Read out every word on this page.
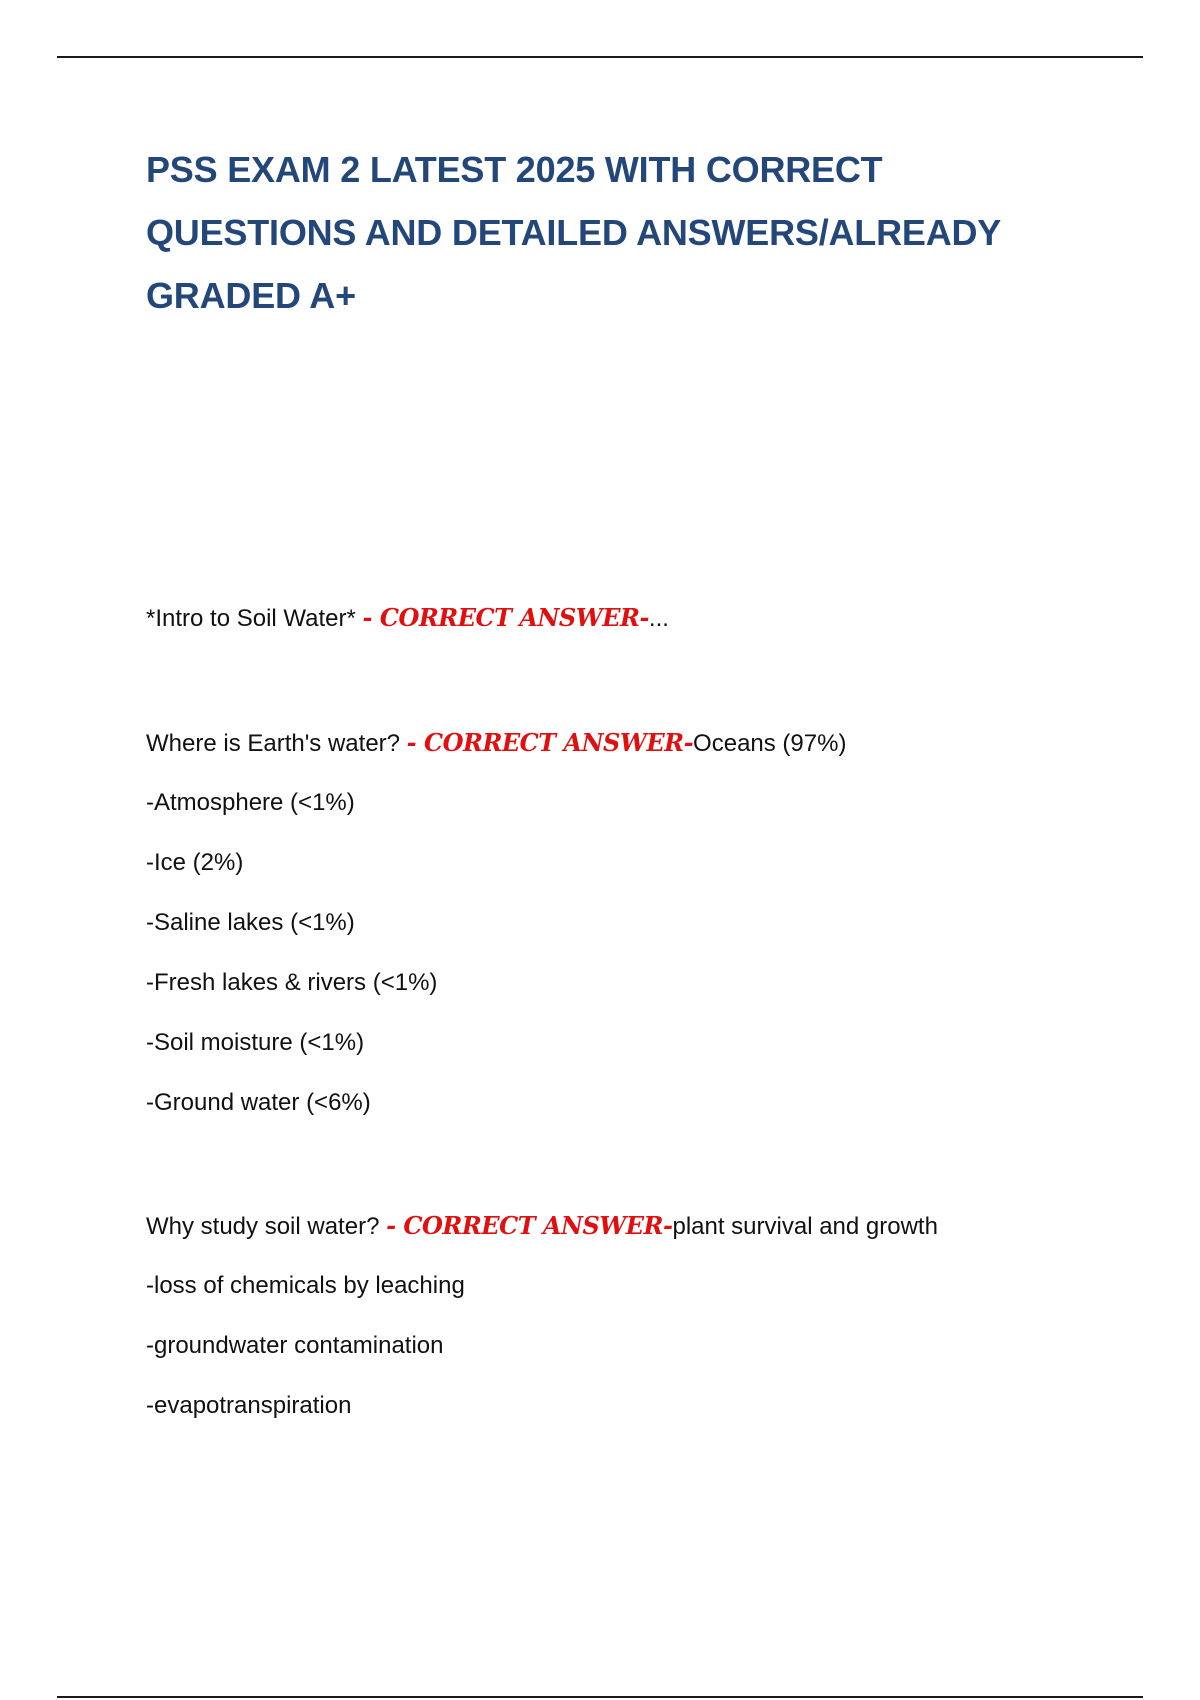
PSS EXAM 2 LATEST 2025 WITH CORRECT QUESTIONS AND DETAILED ANSWERS/ALREADY GRADED A+
*Intro to Soil Water* - CORRECT ANSWER-...
Where is Earth's water? - CORRECT ANSWER-Oceans (97%)
-Atmosphere (<1%)
-Ice (2%)
-Saline lakes (<1%)
-Fresh lakes & rivers (<1%)
-Soil moisture (<1%)
-Ground water (<6%)
Why study soil water? - CORRECT ANSWER-plant survival and growth
-loss of chemicals by leaching
-groundwater contamination
-evapotranspiration
